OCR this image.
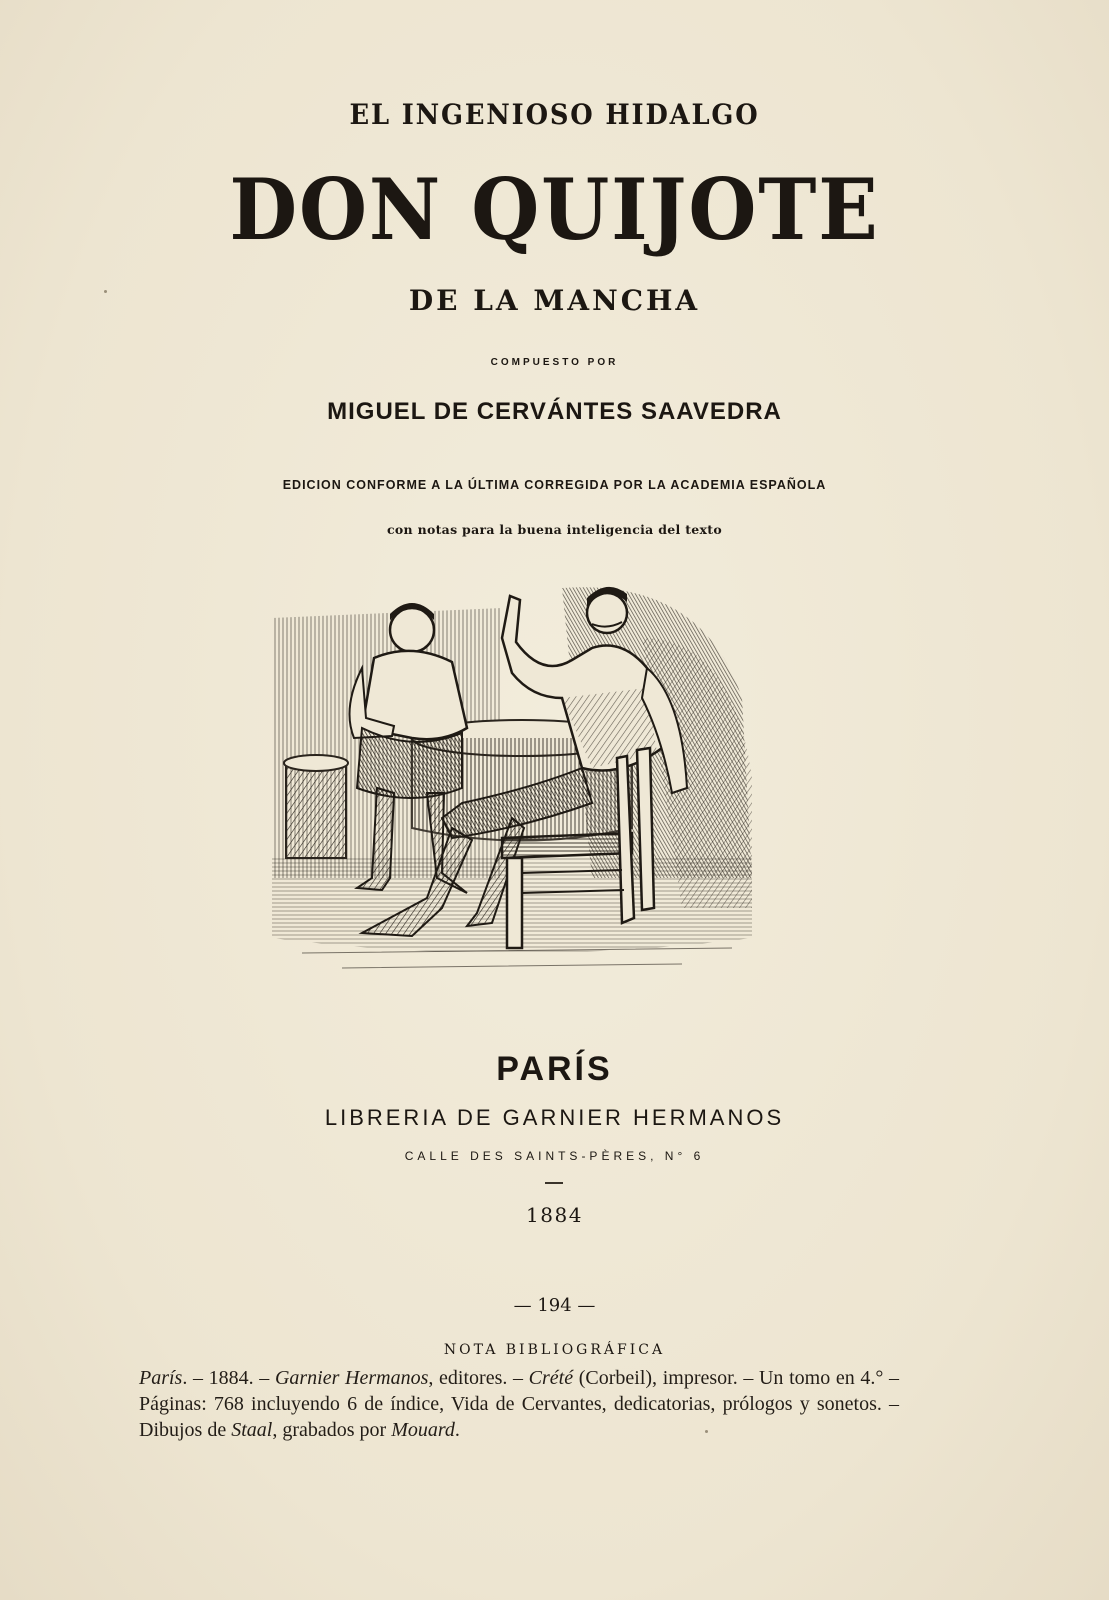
EL INGENIOSO HIDALGO
DON QUIJOTE
DE LA MANCHA
COMPUESTO POR
MIGUEL DE CERVÁNTES SAAVEDRA
EDICION CONFORME A LA ÚLTIMA CORREGIDA POR LA ACADEMIA ESPAÑOLA
con notas para la buena inteligencia del texto
PARÍS
LIBRERIA DE GARNIER HERMANOS
CALLE DES SAINTS-PÈRES, N° 6
1884
— 194 —
NOTA BIBLIOGRÁFICA
París. – 1884. – Garnier Hermanos, editores. – Crété (Corbeil), impresor. – Un tomo en 4.° – Páginas: 768 incluyendo 6 de índice, Vida de Cervantes, dedicatorias, prólogos y sonetos. – Dibujos de Staal, grabados por Mouard.
